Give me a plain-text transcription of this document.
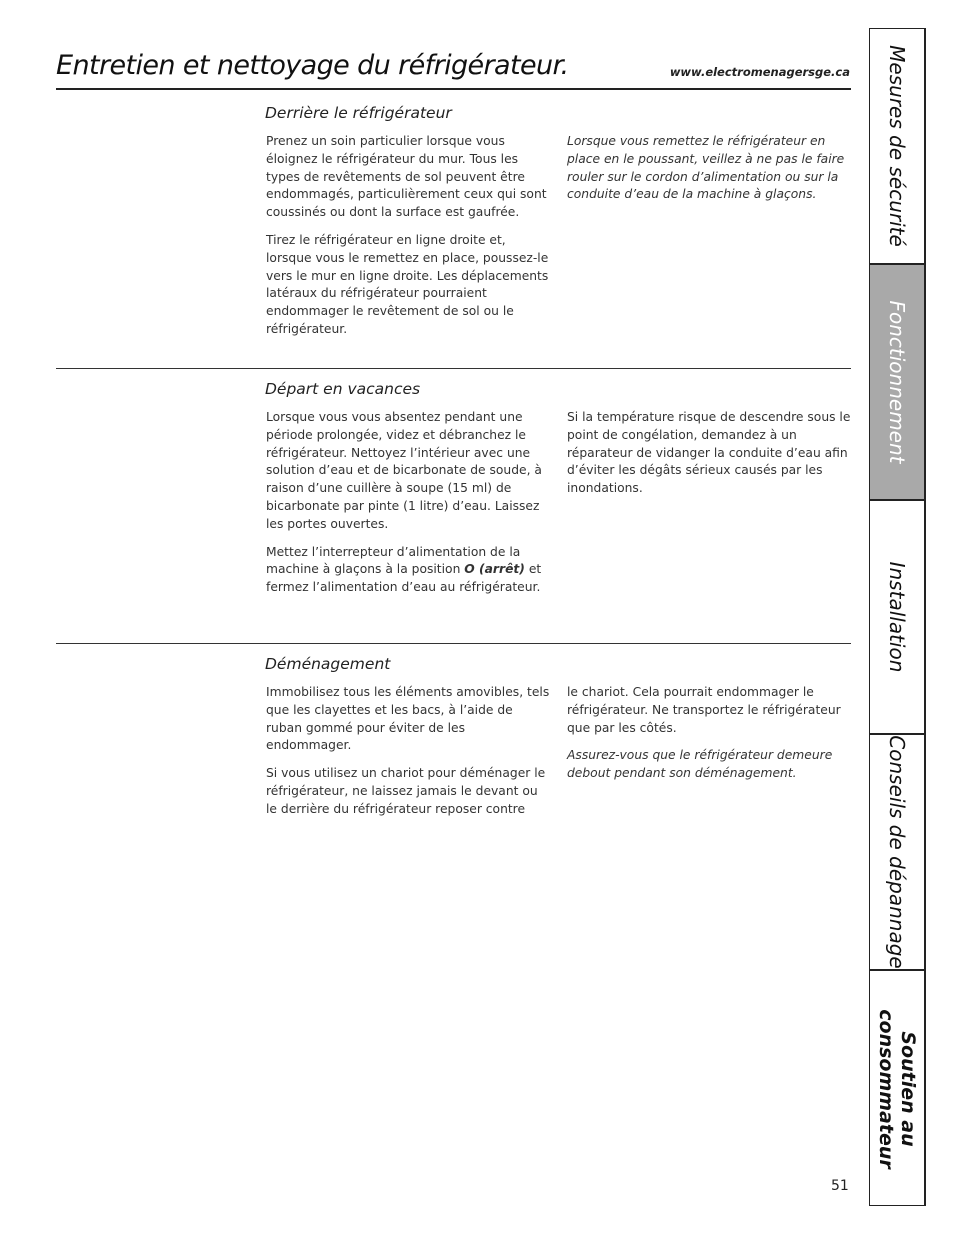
Entretien et nettoyage du réfrigérateur.	www.electromenagersge.ca
Derrière le réfrigérateur

Prenez un soin particulier lorsque vous éloignez le réfrigérateur du mur. Tous les types de revêtements de sol peuvent être endommagés, particulièrement ceux qui sont coussinés ou dont la surface est gaufrée.

Tirez le réfrigérateur en ligne droite et, lorsque vous le remettez en place, poussez-le vers le mur en ligne droite. Les déplacements latéraux du réfrigérateur pourraient endommager le revêtement de sol ou le réfrigérateur.

Lorsque vous remettez le réfrigérateur en place en le poussant, veillez à ne pas le faire rouler sur le cordon d’alimentation ou sur la conduite d’eau de la machine à glaçons.

Départ en vacances

Lorsque vous vous absentez pendant une période prolongée, videz et débranchez le réfrigérateur. Nettoyez l’intérieur avec une solution d’eau et de bicarbonate de soude, à raison d’une cuillère à soupe (15 ml) de bicarbonate par pinte (1 litre) d’eau. Laissez les portes ouvertes.

Mettez l’interrepteur d’alimentation de la machine à glaçons à la position O (arrêt) et fermez l’alimentation d’eau au réfrigérateur.

Si la température risque de descendre sous le point de congélation, demandez à un réparateur de vidanger la conduite d’eau afin d’éviter les dégâts sérieux causés par les inondations.

Déménagement

Immobilisez tous les éléments amovibles, tels que les clayettes et les bacs, à l’aide de ruban gommé pour éviter de les endommager.

Si vous utilisez un chariot pour déménager le réfrigérateur, ne laissez jamais le devant ou le derrière du réfrigérateur reposer contre

le chariot. Cela pourrait endommager le réfrigérateur. Ne transportez le réfrigérateur que par les côtés.

Assurez-vous que le réfrigérateur demeure debout pendant son déménagement.

51
Mesures de sécurité
Fonctionnement
Installation
Conseils de dépannage
Soutien au
consommateur
